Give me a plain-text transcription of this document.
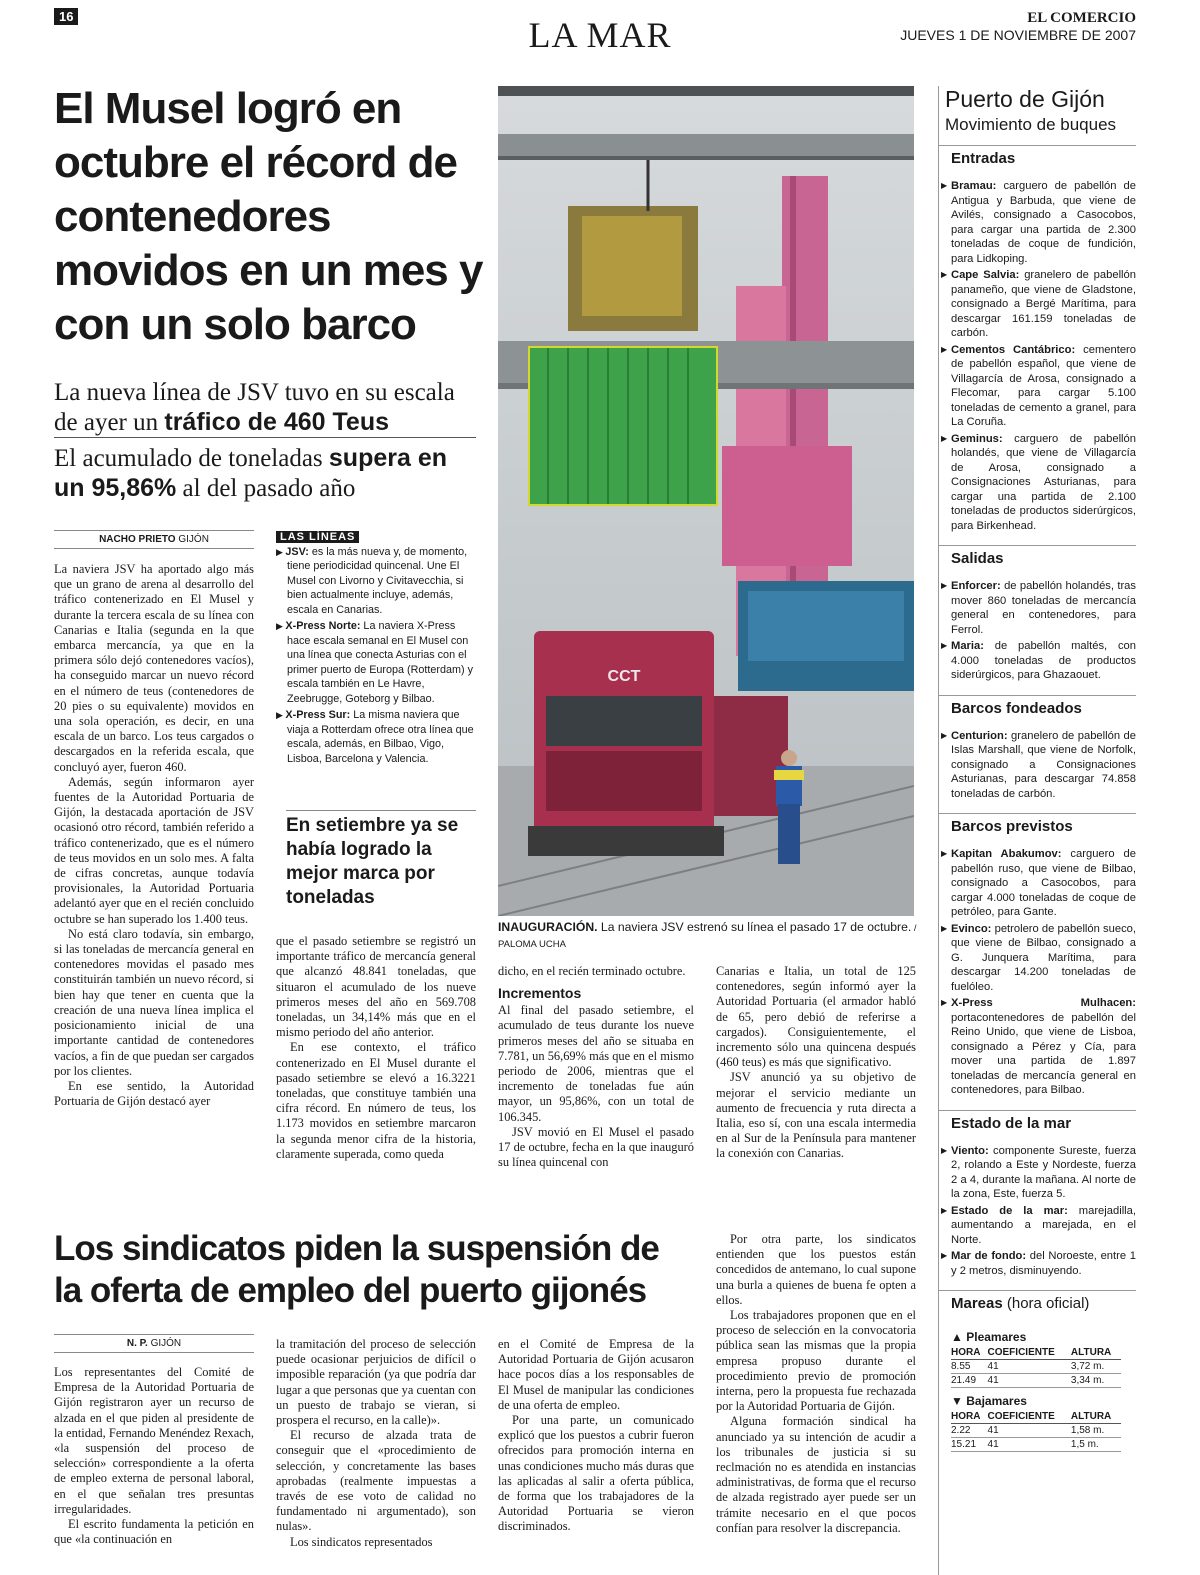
16	LA MAR	EL COMERCIO
JUEVES 1 DE NOVIEMBRE DE 2007
El Musel logró en octubre el récord de contenedores movidos en un mes y con un solo barco
La nueva línea de JSV tuvo en su escala de ayer un tráfico de 460 Teus
El acumulado de toneladas supera en un 95,86% al del pasado año
NACHO PRIETO GIJÓN

La naviera JSV ha aportado algo más que un grano de arena al desarrollo del tráfico contenerizado en El Musel y durante la tercera escala de su línea con Canarias e Italia (segunda en la que embarca mercancía, ya que en la primera sólo dejó contenedores vacíos), ha conseguido marcar un nuevo récord en el número de teus (contenedores de 20 pies o su equivalente) movidos en una sola operación, es decir, en una escala de un barco. Los teus cargados o descargados en la referida escala, que concluyó ayer, fueron 460.

Además, según informaron ayer fuentes de la Autoridad Portuaria de Gijón, la destacada aportación de JSV ocasionó otro récord, también referido a tráfico contenerizado, que es el número de teus movidos en un solo mes. A falta de cifras concretas, aunque todavía provisionales, la Autoridad Portuaria adelantó ayer que en el recién concluido octubre se han superado los 1.400 teus.

No está claro todavía, sin embargo, si las toneladas de mercancía general en contenedores movidas el pasado mes constituirán también un nuevo récord, si bien hay que tener en cuenta que la creación de una nueva línea implica el posicionamiento inicial de una importante cantidad de contenedores vacíos, a fin de que puedan ser cargados por los clientes.

En ese sentido, la Autoridad Portuaria de Gijón destacó ayer

LAS LÍNEAS
▶ JSV: es la más nueva y, de momento, tiene periodicidad quincenal. Une El Musel con Livorno y Civitavecchia, si bien actualmente incluye, además, escala en Canarias.
▶ X-Press Norte: La naviera X-Press hace escala semanal en El Musel con una línea que conecta Asturias con el primer puerto de Europa (Rotterdam) y escala también en Le Havre, Zeebrugge, Goteborg y Bilbao.
▶ X-Press Sur: La misma naviera que viaja a Rotterdam ofrece otra línea que escala, además, en Bilbao, Vigo, Lisboa, Barcelona y Valencia.
En setiembre ya se había logrado la mejor marca por toneladas

que el pasado setiembre se registró un importante tráfico de mercancía general que alcanzó 48.841 toneladas, que situaron el acumulado de los nueve primeros meses del año en 569.708 toneladas, un 34,14% más que en el mismo periodo del año anterior.

En ese contexto, el tráfico contenerizado en El Musel durante el pasado setiembre se elevó a 16.3221 toneladas, que constituye también una cifra récord. En número de teus, los 1.173 movidos en setiembre marcaron la segunda menor cifra de la historia, claramente superada, como queda

CCT
INAUGURACIÓN. La naviera JSV estrenó su línea el pasado 17 de octubre. / PALOMA UCHA

dicho, en el recién terminado octubre.

Incrementos

Al final del pasado setiembre, el acumulado de teus durante los nueve primeros meses del año se situaba en 7.781, un 56,69% más que en el mismo periodo de 2006, mientras que el incremento de toneladas fue aún mayor, un 95,86%, con un total de 106.345.

JSV movió en El Musel el pasado 17 de octubre, fecha en la que inauguró su línea quincenal con

Canarias e Italia, un total de 125 contenedores, según informó ayer la Autoridad Portuaria (el armador habló de 65, pero debió de referirse a cargados). Consiguientemente, el incremento sólo una quincena después (460 teus) es más que significativo.

JSV anunció ya su objetivo de mejorar el servicio mediante un aumento de frecuencia y ruta directa a Italia, eso sí, con una escala intermedia en al Sur de la Península para mantener la conexión con Canarias.

Los sindicatos piden la suspensión de la oferta de empleo del puerto gijonés
N. P. GIJÓN

Los representantes del Comité de Empresa de la Autoridad Portuaria de Gijón registraron ayer un recurso de alzada en el que piden al presidente de la entidad, Fernando Menéndez Rexach, «la suspensión del proceso de selección» correspondiente a la oferta de empleo externa de personal laboral, en el que señalan tres presuntas irregularidades.

El escrito fundamenta la petición en que «la continuación en

la tramitación del proceso de selección puede ocasionar perjuicios de difícil o imposible reparación (ya que podría dar lugar a que personas que ya cuentan con un puesto de trabajo se vieran, si prospera el recurso, en la calle)».

El recurso de alzada trata de conseguir que el «procedimiento de selección, y concretamente las bases aprobadas (realmente impuestas a través de ese voto de calidad no fundamentado ni argumentado), son nulas».

Los sindicatos representados

en el Comité de Empresa de la Autoridad Portuaria de Gijón acusaron hace pocos días a los responsables de El Musel de manipular las condiciones de una oferta de empleo.

Por una parte, un comunicado explicó que los puestos a cubrir fueron ofrecidos para promoción interna en unas condiciones mucho más duras que las aplicadas al salir a oferta pública, de forma que los trabajadores de la Autoridad Portuaria se vieron discriminados.

Por otra parte, los sindicatos entienden que los puestos están concedidos de antemano, lo cual supone una burla a quienes de buena fe opten a ellos.

Los trabajadores proponen que en el proceso de selección en la convocatoria pública sean las mismas que la propia empresa propuso durante el procedimiento previo de promoción interna, pero la propuesta fue rechazada por la Autoridad Portuaria de Gijón.

Alguna formación sindical ha anunciado ya su intención de acudir a los tribunales de justicia si su reclmación no es atendida en instancias administrativas, de forma que el recurso de alzada registrado ayer puede ser un trámite necesario en el que pocos confían para resolver la discrepancia.

Puerto de Gijón
Movimiento de buques
Entradas
▶ Bramau: carguero de pabellón de Antigua y Barbuda, que viene de Avilés, consignado a Casocobos, para cargar una partida de 2.300 toneladas de coque de fundición, para Lidkoping.
▶ Cape Salvia: granelero de pabellón panameño, que viene de Gladstone, consignado a Bergé Marítima, para descargar 161.159 toneladas de carbón.
▶ Cementos Cantábrico: cementero de pabellón español, que viene de Villagarcía de Arosa, consignado a Flecomar, para cargar 5.100 toneladas de cemento a granel, para La Coruña.
▶ Geminus: carguero de pabellón holandés, que viene de Villagarcía de Arosa, consignado a Consignaciones Asturianas, para cargar una partida de 2.100 toneladas de productos siderúrgicos, para Birkenhead.
Salidas
▶ Enforcer: de pabellón holandés, tras mover 860 toneladas de mercancía general en contenedores, para Ferrol.
▶ Maria: de pabellón maltés, con 4.000 toneladas de productos siderúrgicos, para Ghazaouet.
Barcos fondeados
▶ Centurion: granelero de pabellón de Islas Marshall, que viene de Norfolk, consignado a Consignaciones Asturianas, para descargar 74.858 toneladas de carbón.
Barcos previstos
▶ Kapitan Abakumov: carguero de pabellón ruso, que viene de Bilbao, consignado a Casocobos, para cargar 4.000 toneladas de coque de petróleo, para Gante.
▶ Evinco: petrolero de pabellón sueco, que viene de Bilbao, consignado a G. Junquera Marítima, para descargar 14.200 toneladas de fuelóleo.
▶ X-Press Mulhacen: portacontenedores de pabellón del Reino Unido, que viene de Lisboa, consignado a Pérez y Cía, para mover una partida de 1.897 toneladas de mercancía general en contenedores, para Bilbao.
Estado de la mar
▶ Viento: componente Sureste, fuerza 2, rolando a Este y Nordeste, fuerza 2 a 4, durante la mañana. Al norte de la zona, Este, fuerza 5.
▶ Estado de la mar: marejadilla, aumentando a marejada, en el Norte.
▶ Mar de fondo: del Noroeste, entre 1 y 2 metros, disminuyendo.
Mareas (hora oficial)
▲ Pleamares
HORA	COEFICIENTE	ALTURA
8.55	41	3,72 m.
21.49	41	3,34 m.
▼ Bajamares
HORA	COEFICIENTE	ALTURA
2.22	41	1,58 m.
15.21	41	1,5 m.
